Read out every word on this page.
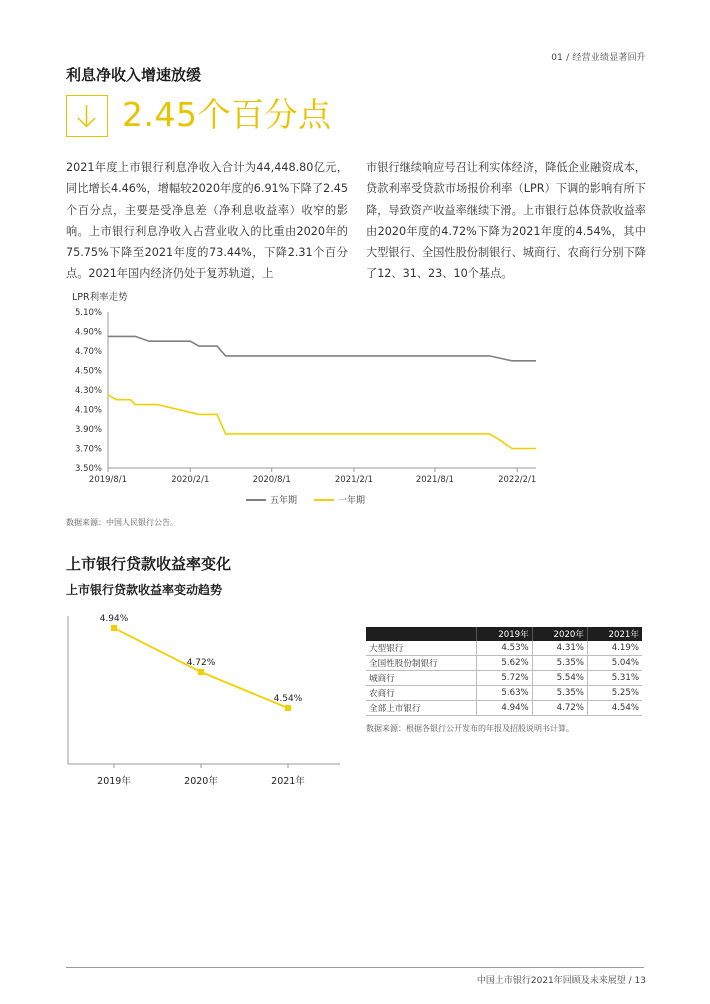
01 / 经营业绩显著回升
利息净收入增速放缓
2.45个百分点
2021年度上市银行利息净收入合计为44,448.80亿元，同比增长4.46%，增幅较2020年度的6.91%下降了2.45个百分点，主要是受净息差（净利息收益率）收窄的影响。上市银行利息净收入占营业收入的比重由2020年的75.75%下降至2021年度的73.44%，下降2.31个百分点。2021年国内经济仍处于复苏轨道，上
市银行继续响应号召让利实体经济，降低企业融资成本，贷款利率受贷款市场报价利率（LPR）下调的影响有所下降，导致资产收益率继续下滑。上市银行总体贷款收益率由2020年度的4.72%下降为2021年度的4.54%，其中大型银行、全国性股份制银行、城商行、农商行分别下降了12、31、23、10个基点。
LPR利率走势
3.50%
3.70%
3.90%
4.10%
4.30%
4.50%
4.70%
4.90%
5.10%
2019/8/1	2020/2/1	2020/8/1	2021/2/1	2021/8/1	2022/2/1
五年期	一年期
数据来源：中国人民银行公告。
上市银行贷款收益率变化
上市银行贷款收益率变动趋势
4.94%
2019年
4.72%
2020年
4.54%
2021年
	2019年	2020年	2021年
大型银行	4.53%	4.31%	4.19%
全国性股份制银行	5.62%	5.35%	5.04%
城商行	5.72%	5.54%	5.31%
农商行	5.63%	5.35%	5.25%
全部上市银行	4.94%	4.72%	4.54%
数据来源：根据各银行公开发布的年报及招股说明书计算。
中国上市银行2021年回顾及未来展望 / 13
